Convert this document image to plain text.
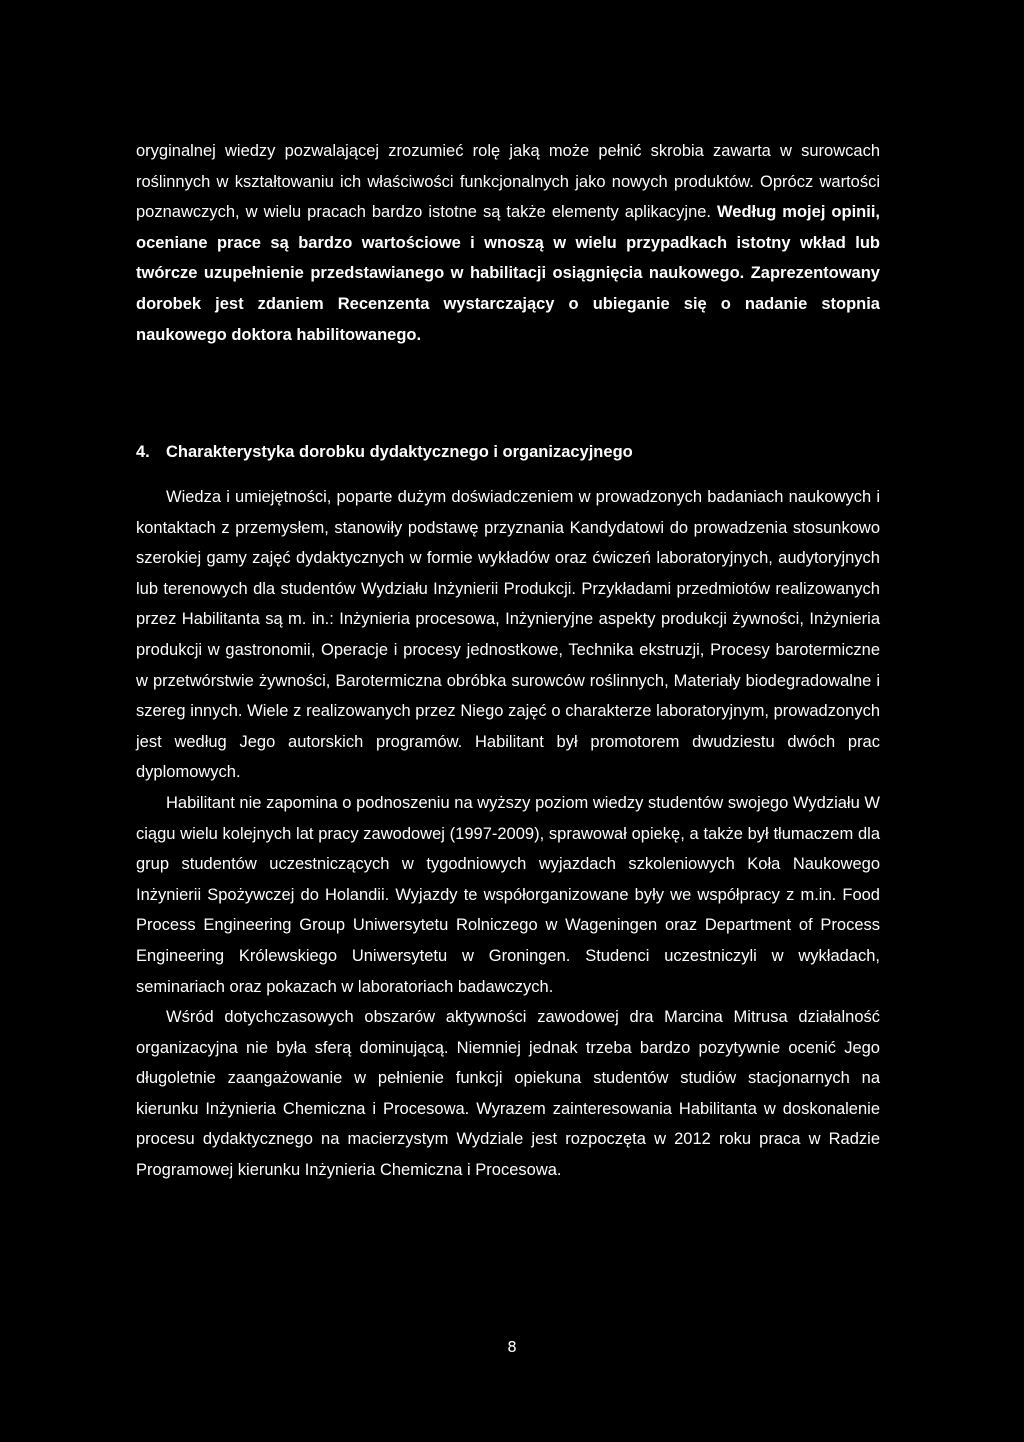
oryginalnej wiedzy pozwalającej zrozumieć rolę jaką może pełnić skrobia zawarta w surowcach roślinnych w kształtowaniu ich właściwości funkcjonalnych jako nowych produktów. Oprócz wartości poznawczych, w wielu pracach bardzo istotne są także elementy aplikacyjne. Według mojej opinii, oceniane prace są bardzo wartościowe i wnoszą w wielu przypadkach istotny wkład lub twórcze uzupełnienie przedstawianego w habilitacji osiągnięcia naukowego. Zaprezentowany dorobek jest zdaniem Recenzenta wystarczający o ubieganie się o nadanie stopnia naukowego doktora habilitowanego.
4. Charakterystyka dorobku dydaktycznego i organizacyjnego

Wiedza i umiejętności, poparte dużym doświadczeniem w prowadzonych badaniach naukowych i kontaktach z przemysłem, stanowiły podstawę przyznania Kandydatowi do prowadzenia stosunkowo szerokiej gamy zajęć dydaktycznych w formie wykładów oraz ćwiczeń laboratoryjnych, audytoryjnych lub terenowych dla studentów Wydziału Inżynierii Produkcji. Przykładami przedmiotów realizowanych przez Habilitanta są m. in.: Inżynieria procesowa, Inżynieryjne aspekty produkcji żywności, Inżynieria produkcji w gastronomii, Operacje i procesy jednostkowe, Technika ekstruzji, Procesy barotermiczne w przetwórstwie żywności, Barotermiczna obróbka surowców roślinnych, Materiały biodegradowalne i szereg innych. Wiele z realizowanych przez Niego zajęć o charakterze laboratoryjnym, prowadzonych jest według Jego autorskich programów. Habilitant był promotorem dwudziestu dwóch prac dyplomowych.

Habilitant nie zapomina o podnoszeniu na wyższy poziom wiedzy studentów swojego Wydziału W ciągu wielu kolejnych lat pracy zawodowej (1997-2009), sprawował opiekę, a także był tłumaczem dla grup studentów uczestniczących w tygodniowych wyjazdach szkoleniowych Koła Naukowego Inżynierii Spożywczej do Holandii. Wyjazdy te współorganizowane były we współpracy z m.in. Food Process Engineering Group Uniwersytetu Rolniczego w Wageningen oraz Department of Process Engineering Królewskiego Uniwersytetu w Groningen. Studenci uczestniczyli w wykładach, seminariach oraz pokazach w laboratoriach badawczych.

Wśród dotychczasowych obszarów aktywności zawodowej dra Marcina Mitrusa działalność organizacyjna nie była sferą dominującą. Niemniej jednak trzeba bardzo pozytywnie ocenić Jego długoletnie zaangażowanie w pełnienie funkcji opiekuna studentów studiów stacjonarnych na kierunku Inżynieria Chemiczna i Procesowa. Wyrazem zainteresowania Habilitanta w doskonalenie procesu dydaktycznego na macierzystym Wydziale jest rozpoczęta w 2012 roku praca w Radzie Programowej kierunku Inżynieria Chemiczna i Procesowa.

8
